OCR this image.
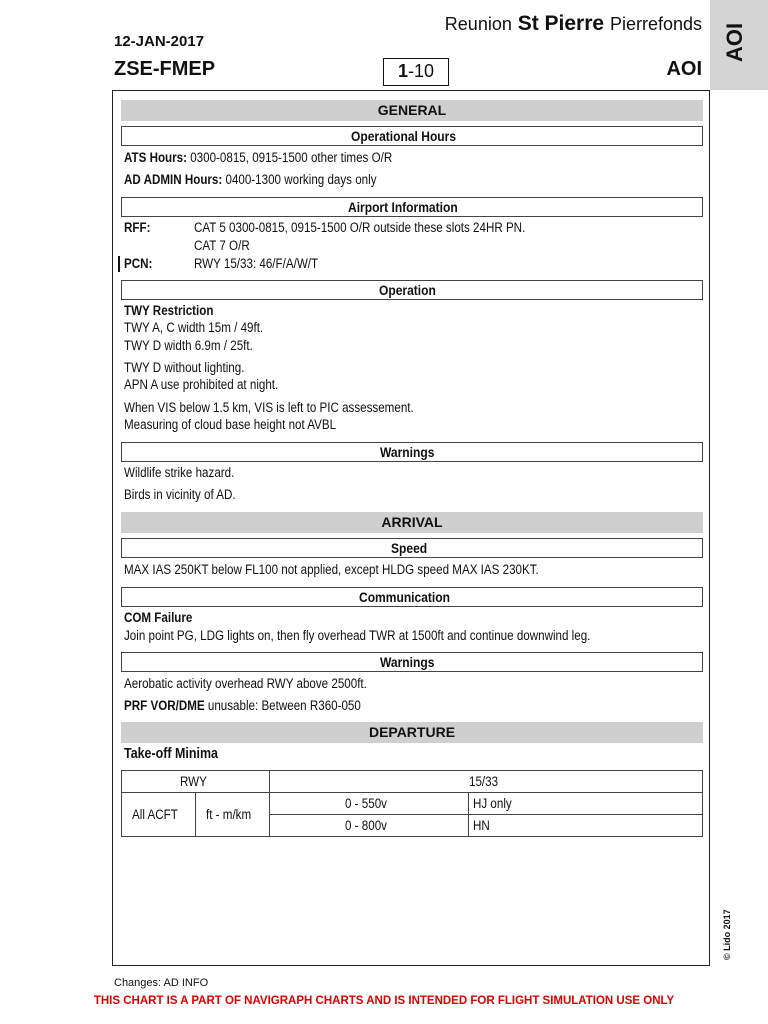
12-JAN-2017
ZSE-FMEP
Reunion St Pierre Pierrefonds
1-10	AOI
AOI
GENERAL
Operational Hours
ATS Hours: 0300-0815, 0915-1500 other times O/R
AD ADMIN Hours: 0400-1300 working days only
Airport Information
RFF:	CAT 5 0300-0815, 0915-1500 O/R outside these slots 24HR PN.
CAT 7 O/R
PCN:	RWY 15/33: 46/F/A/W/T
Operation
TWY Restriction
TWY A, C width 15m / 49ft.
TWY D width 6.9m / 25ft.
TWY D without lighting.
APN A use prohibited at night.
When VIS below 1.5 km, VIS is left to PIC assessement.
Measuring of cloud base height not AVBL
Warnings
Wildlife strike hazard.
Birds in vicinity of AD.
ARRIVAL
Speed
MAX IAS 250KT below FL100 not applied, except HLDG speed MAX IAS 230KT.
Communication
COM Failure
Join point PG, LDG lights on, then fly overhead TWR at 1500ft and continue downwind leg.
Warnings
Aerobatic activity overhead RWY above 2500ft.
PRF VOR/DME unusable: Between R360-050
DEPARTURE
Take-off Minima
RWY		15/33	
All ACFT	ft - m/km	0 - 550v	HJ only
		0 - 800v	HN
© Lido 2017
Changes: AD INFO
THIS CHART IS A PART OF NAVIGRAPH CHARTS AND IS INTENDED FOR FLIGHT SIMULATION USE ONLY
